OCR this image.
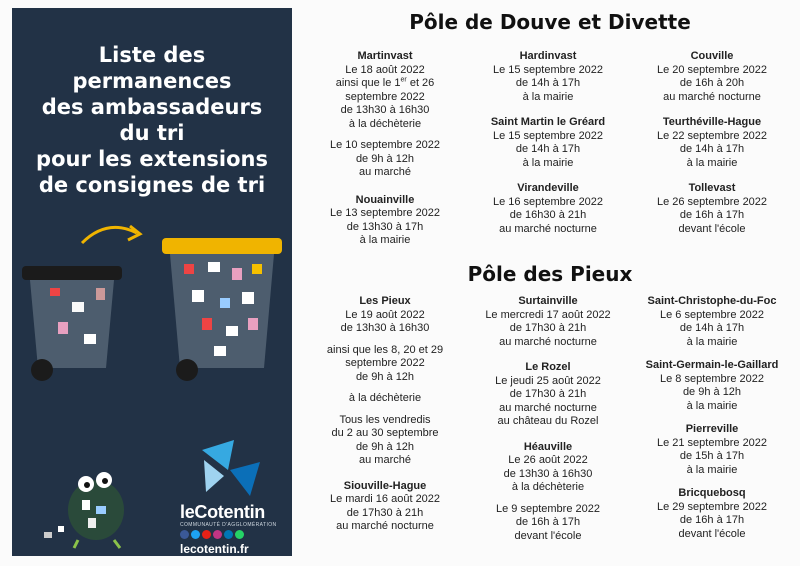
Liste des permanences
des ambassadeurs du tri
pour les extensions
de consignes de tri
leCotentin
COMMUNAUTÉ D'AGGLOMÉRATION
lecotentin.fr
Pôle de Douve et Divette
Martinvast
Le 18 août 2022
ainsi que le 1er et 26
septembre 2022
de 13h30 à 16h30
à la déchèterie
Le 10 septembre 2022
de 9h à 12h
au marché
Nouainville
Le 13 septembre 2022
de 13h30 à 17h
à la mairie
Hardinvast
Le 15 septembre 2022
de 14h à 17h
à la mairie
Saint Martin le Gréard
Le 15 septembre 2022
de 14h à 17h
à la mairie
Virandeville
Le 16 septembre 2022
de 16h30 à 21h
au marché nocturne
Couville
Le 20 septembre 2022
de 16h à 20h
au marché nocturne
Teurthéville-Hague
Le 22 septembre 2022
de 14h à 17h
à la mairie
Tollevast
Le 26 septembre 2022
de 16h à 17h
devant l'école
Pôle des Pieux
Les Pieux
Le 19 août 2022
de 13h30 à 16h30
ainsi que les 8, 20 et 29
septembre 2022
de 9h à 12h
à la déchèterie
Tous les vendredis
du 2 au 30 septembre
de 9h à 12h
au marché
Siouville-Hague
Le mardi 16 août 2022
de 17h30 à 21h
au marché nocturne
Surtainville
Le mercredi 17 août 2022
de 17h30 à 21h
au marché nocturne
Le Rozel
Le jeudi 25 août 2022
de 17h30 à 21h
au marché nocturne
au château du Rozel
Héauville
Le 26 août 2022
de 13h30 à 16h30
à la déchèterie
Le 9 septembre 2022
de 16h à 17h
devant l'école
Saint-Christophe-du-Foc
Le 6 septembre 2022
de 14h à 17h
à la mairie
Saint-Germain-le-Gaillard
Le 8 septembre 2022
de 9h à 12h
à la mairie
Pierreville
Le 21 septembre 2022
de 15h à 17h
à la mairie
Bricquebosq
Le 29 septembre 2022
de 16h à 17h
devant l'école
